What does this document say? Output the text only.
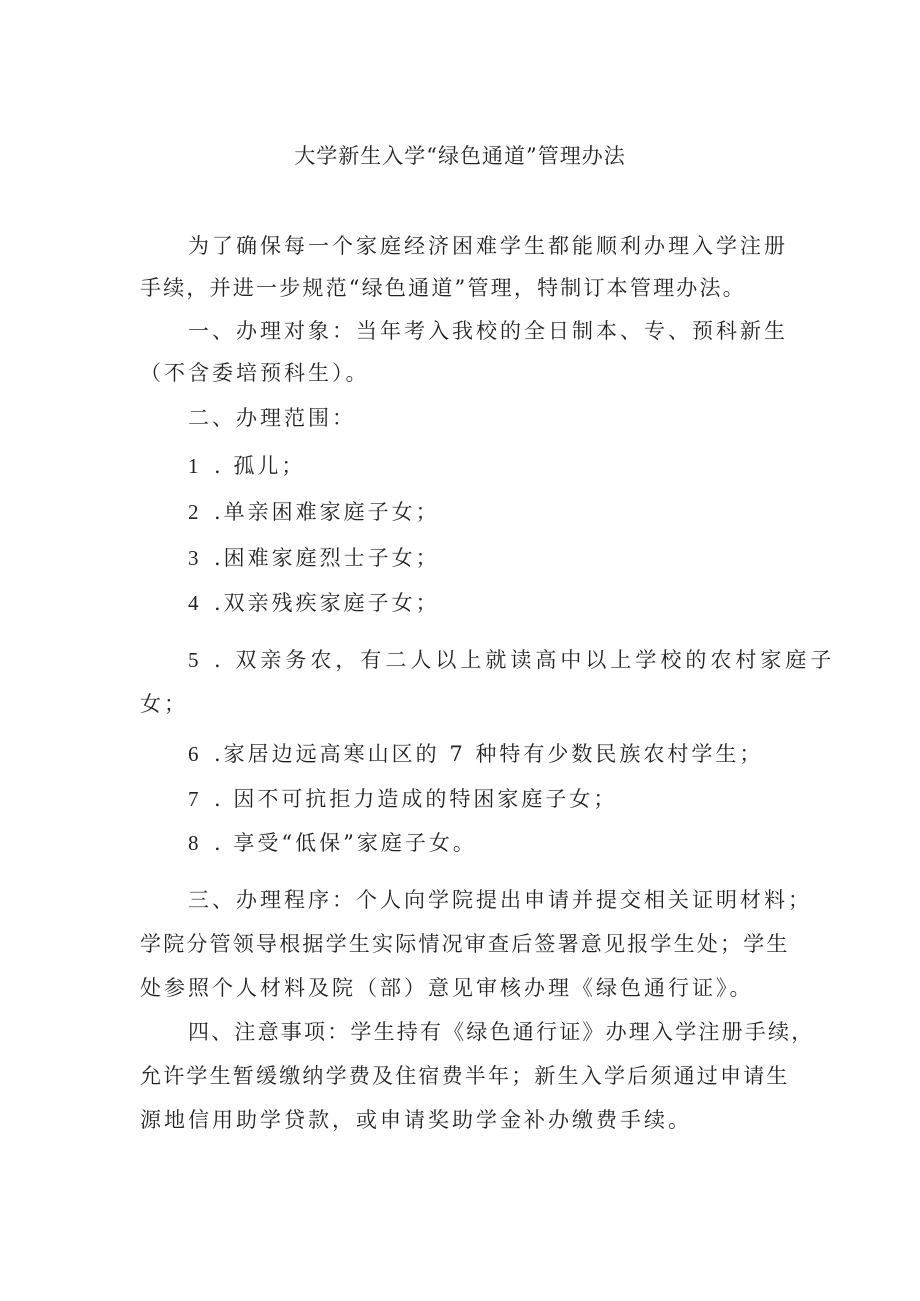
大学新生入学“绿色通道”管理办法
为了确保每一个家庭经济困难学生都能顺利办理入学注册
手续，并进一步规范“绿色通道”管理，特制订本管理办法。
一、办理对象：当年考入我校的全日制本、专、预科新生
（不含委培预科生）。
二、办理范围：
1 . 孤儿；
2 .单亲困难家庭子女；
3 .困难家庭烈士子女；
4 .双亲残疾家庭子女；
5 . 双亲务农，有二人以上就读高中以上学校的农村家庭子
女；
6 .家居边远高寒山区的 7 种特有少数民族农村学生；
7 . 因不可抗拒力造成的特困家庭子女；
8 . 享受“低保”家庭子女。
三、办理程序：个人向学院提出申请并提交相关证明材料；
学院分管领导根据学生实际情况审查后签署意见报学生处；学生
处参照个人材料及院（部）意见审核办理《绿色通行证》。
四、注意事项：学生持有《绿色通行证》办理入学注册手续，
允许学生暂缓缴纳学费及住宿费半年；新生入学后须通过申请生
源地信用助学贷款，或申请奖助学金补办缴费手续。
